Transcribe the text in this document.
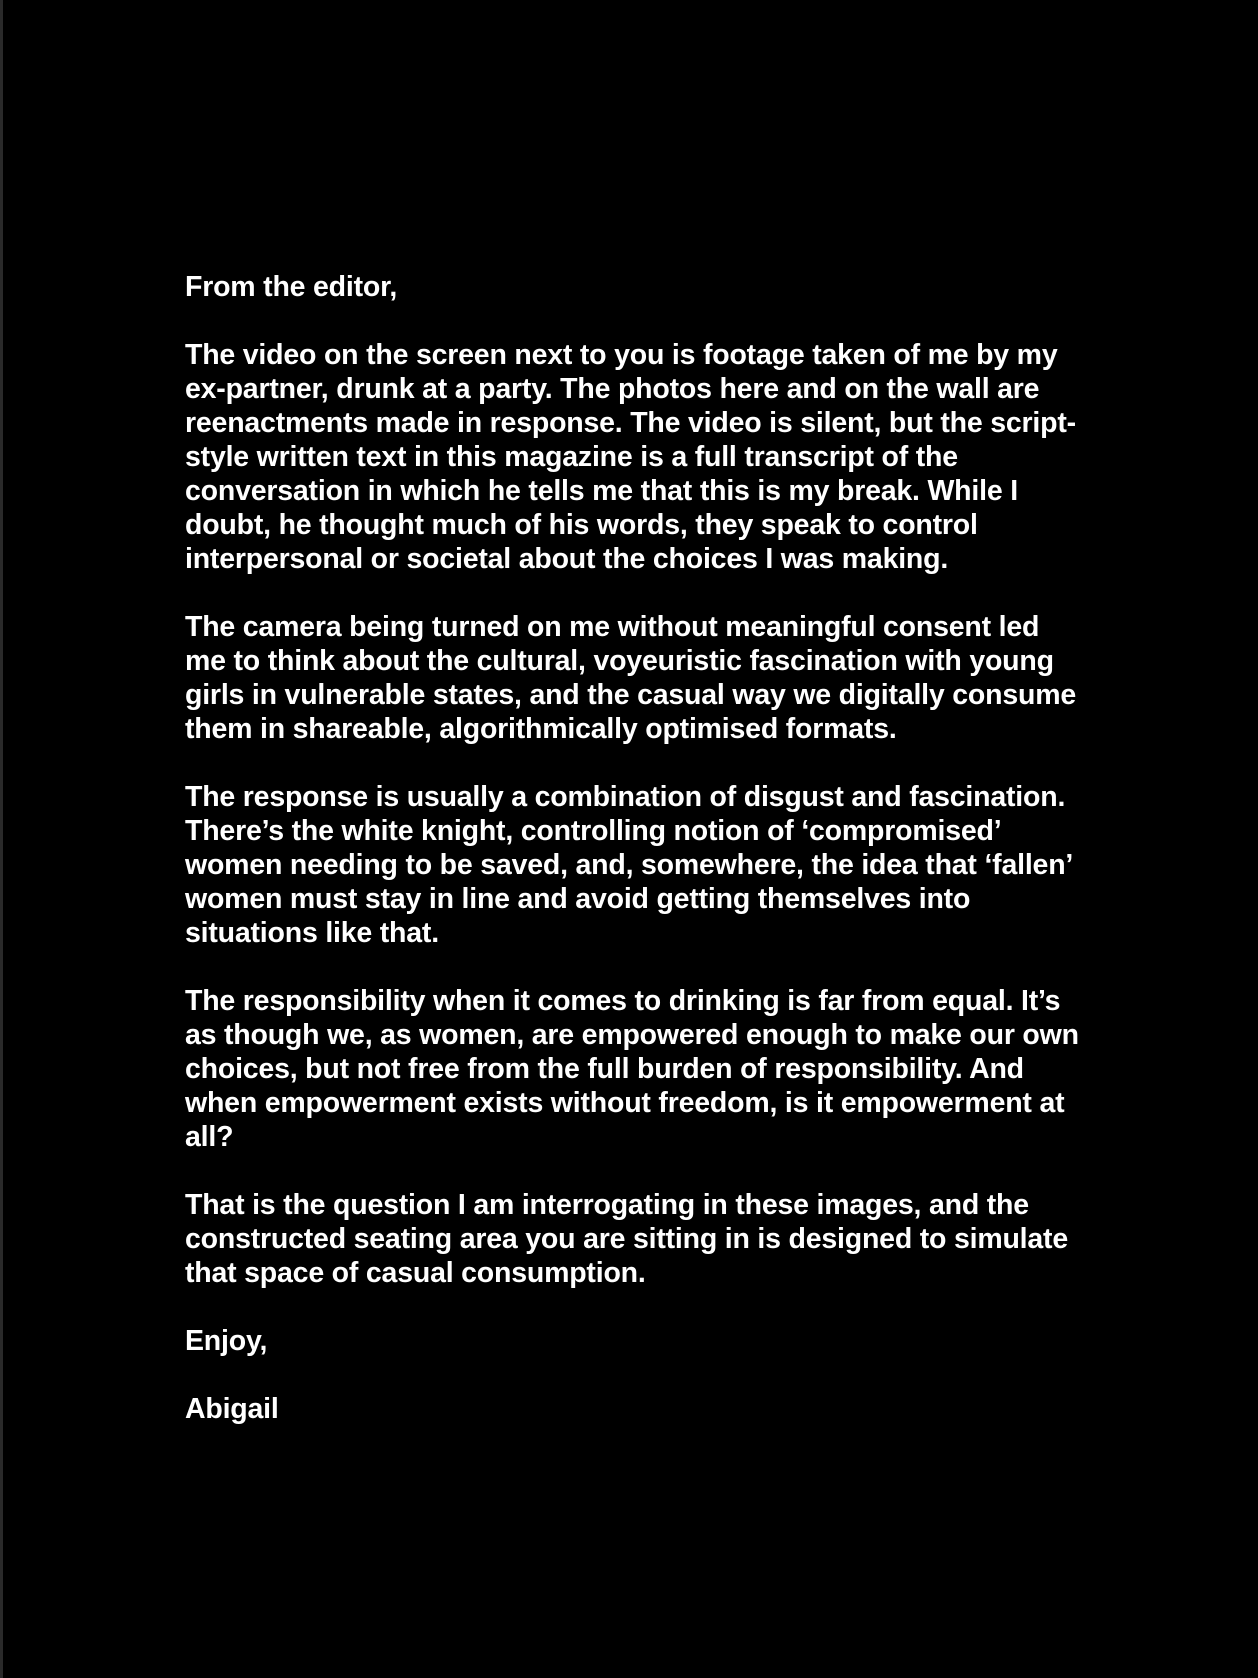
From the editor,

The video on the screen next to you is footage taken of me by my ex-partner, drunk at a party. The photos here and on the wall are reenactments made in response. The video is silent, but the script-style written text in this magazine is a full transcript of the conversation in which he tells me that this is my break. While I doubt, he thought much of his words, they speak to control interpersonal or societal about the choices I was making.

The camera being turned on me without meaningful consent led me to think about the cultural, voyeuristic fascination with young girls in vulnerable states, and the casual way we digitally consume them in shareable, algorithmically optimised formats.

The response is usually a combination of disgust and fascination. There’s the white knight, controlling notion of ‘compromised’ women needing to be saved, and, somewhere, the idea that ‘fallen’ women must stay in line and avoid getting themselves into situations like that.

The responsibility when it comes to drinking is far from equal. It’s as though we, as women, are empowered enough to make our own choices, but not free from the full burden of responsibility. And when empowerment exists without freedom, is it empowerment at all?

That is the question I am interrogating in these images, and the constructed seating area you are sitting in is designed to simulate that space of casual consumption.

Enjoy,

Abigail
